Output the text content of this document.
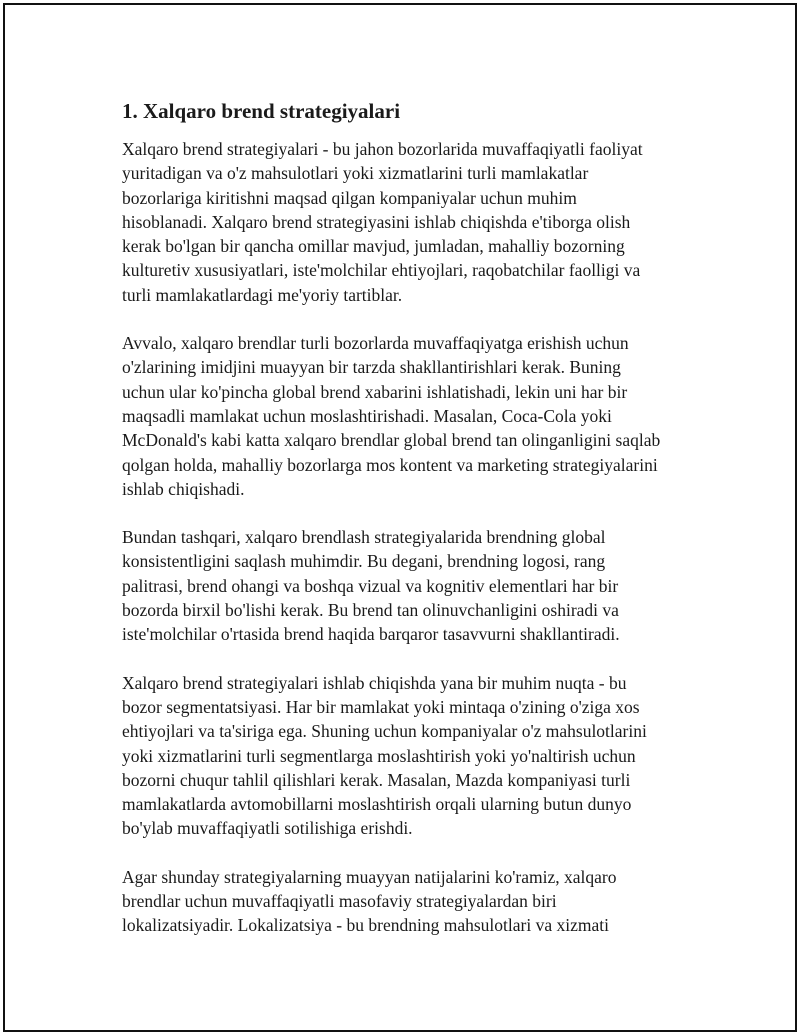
1. Xalqaro brend strategiyalari
Xalqaro brend strategiyalari - bu jahon bozorlarida muvaffaqiyatli faoliyat
yuritadigan va o'z mahsulotlari yoki xizmatlarini turli mamlakatlar
bozorlariga kiritishni maqsad qilgan kompaniyalar uchun muhim
hisoblanadi. Xalqaro brend strategiyasini ishlab chiqishda e'tiborga olish
kerak bo'lgan bir qancha omillar mavjud, jumladan, mahalliy bozorning
kulturetiv xususiyatlari, iste'molchilar ehtiyojlari, raqobatchilar faolligi va
turli mamlakatlardagi me'yoriy tartiblar.
Avvalo, xalqaro brendlar turli bozorlarda muvaffaqiyatga erishish uchun
o'zlarining imidjini muayyan bir tarzda shakllantirishlari kerak. Buning
uchun ular ko'pincha global brend xabarini ishlatishadi, lekin uni har bir
maqsadli mamlakat uchun moslashtirishadi. Masalan, Coca-Cola yoki
McDonald's kabi katta xalqaro brendlar global brend tan olinganligini saqlab
qolgan holda, mahalliy bozorlarga mos kontent va marketing strategiyalarini
ishlab chiqishadi.
Bundan tashqari, xalqaro brendlash strategiyalarida brendning global
konsistentligini saqlash muhimdir. Bu degani, brendning logosi, rang
palitrasi, brend ohangi va boshqa vizual va kognitiv elementlari har bir
bozorda birxil bo'lishi kerak. Bu brend tan olinuvchanligini oshiradi va
iste'molchilar o'rtasida brend haqida barqaror tasavvurni shakllantiradi.
Xalqaro brend strategiyalari ishlab chiqishda yana bir muhim nuqta - bu
bozor segmentatsiyasi. Har bir mamlakat yoki mintaqa o'zining o'ziga xos
ehtiyojlari va ta'siriga ega. Shuning uchun kompaniyalar o'z mahsulotlarini
yoki xizmatlarini turli segmentlarga moslashtirish yoki yo'naltirish uchun
bozorni chuqur tahlil qilishlari kerak. Masalan, Mazda kompaniyasi turli
mamlakatlarda avtomobillarni moslashtirish orqali ularning butun dunyo
bo'ylab muvaffaqiyatli sotilishiga erishdi.
Agar shunday strategiyalarning muayyan natijalarini ko'ramiz, xalqaro
brendlar uchun muvaffaqiyatli masofaviy strategiyalardan biri
lokalizatsiyadir. Lokalizatsiya - bu brendning mahsulotlari va xizmati
